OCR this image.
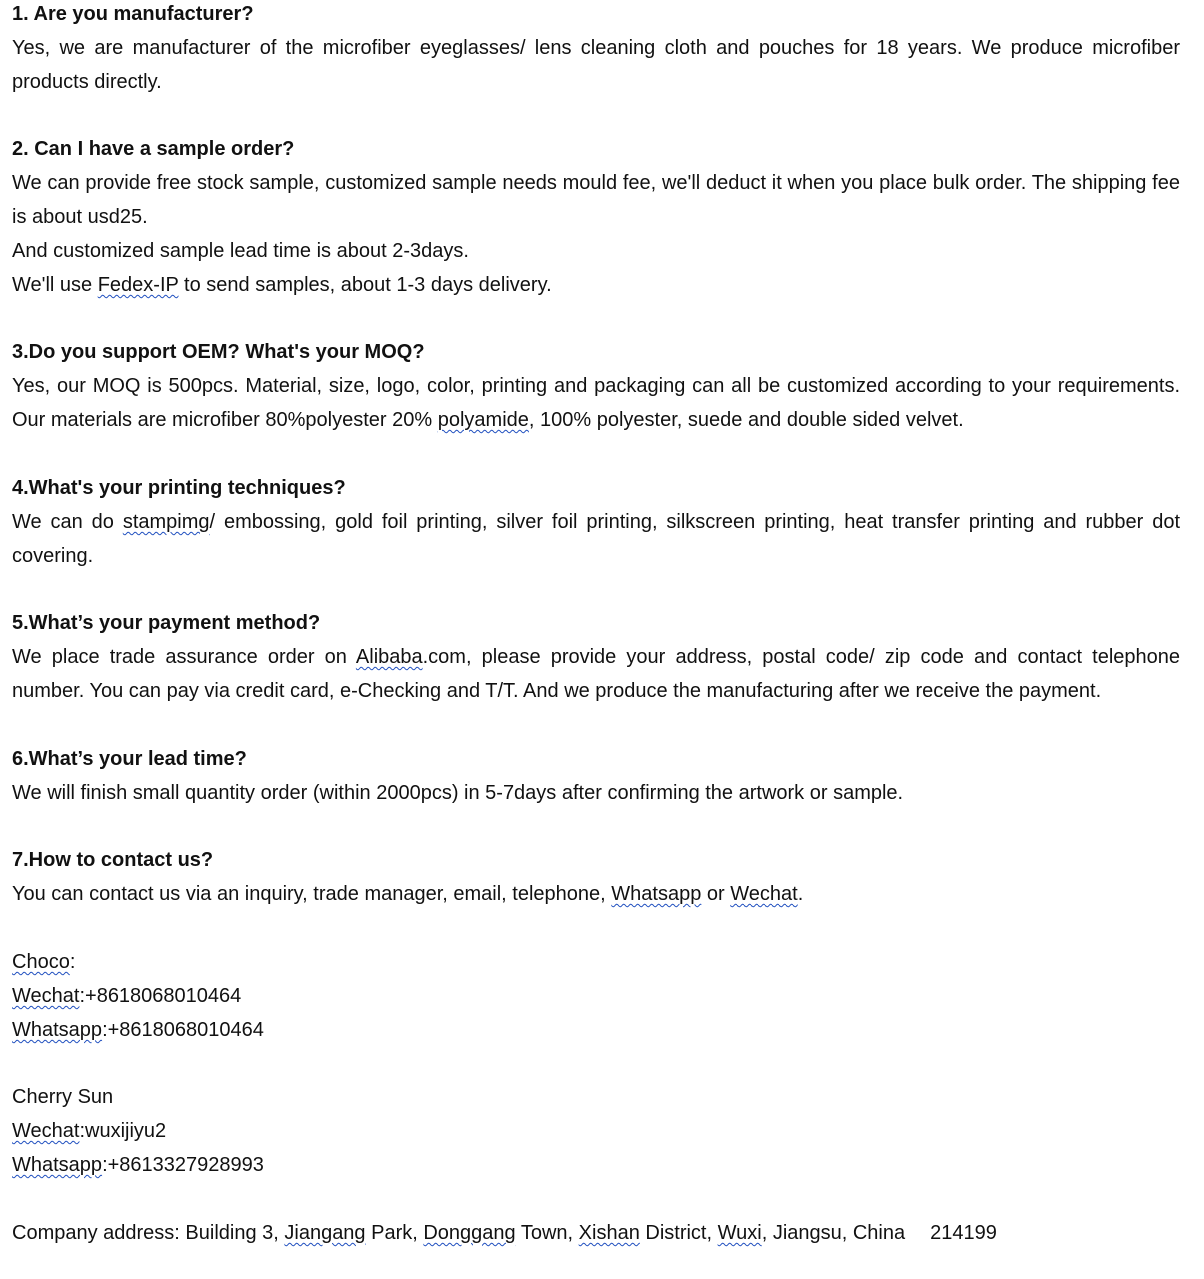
1. Are you manufacturer?

Yes, we are manufacturer of the microfiber eyeglasses/ lens cleaning cloth and pouches for 18 years. We produce microfiber products directly.

2. Can I have a sample order?

We can provide free stock sample, customized sample needs mould fee, we'll deduct it when you place bulk order. The shipping fee is about usd25.

And customized sample lead time is about 2-3days.

We'll use Fedex-IP to send samples, about 1-3 days delivery.

3.Do you support OEM? What's your MOQ?

Yes, our MOQ is 500pcs. Material, size, logo, color, printing and packaging can all be customized according to your requirements. Our materials are microfiber 80%polyester 20% polyamide, 100% polyester, suede and double sided velvet.

4.What's your printing techniques?

We can do stampimg/ embossing, gold foil printing, silver foil printing, silkscreen printing, heat transfer printing and rubber dot covering.

5.What’s your payment method?

We place trade assurance order on Alibaba.com, please provide your address, postal code/ zip code and contact telephone number. You can pay via credit card, e-Checking and T/T. And we produce the manufacturing after we receive the payment.

6.What’s your lead time?

We will finish small quantity order (within 2000pcs) in 5-7days after confirming the artwork or sample.

7.How to contact us?

You can contact us via an inquiry, trade manager, email, telephone, Whatsapp or Wechat.

Choco:

Wechat:+8618068010464

Whatsapp:+8618068010464

Cherry Sun

Wechat:wuxijiyu2

Whatsapp:+8613327928993

Company address: Building 3, Jiangang Park, Donggang Town, Xishan District, Wuxi, Jiangsu, China 214199
